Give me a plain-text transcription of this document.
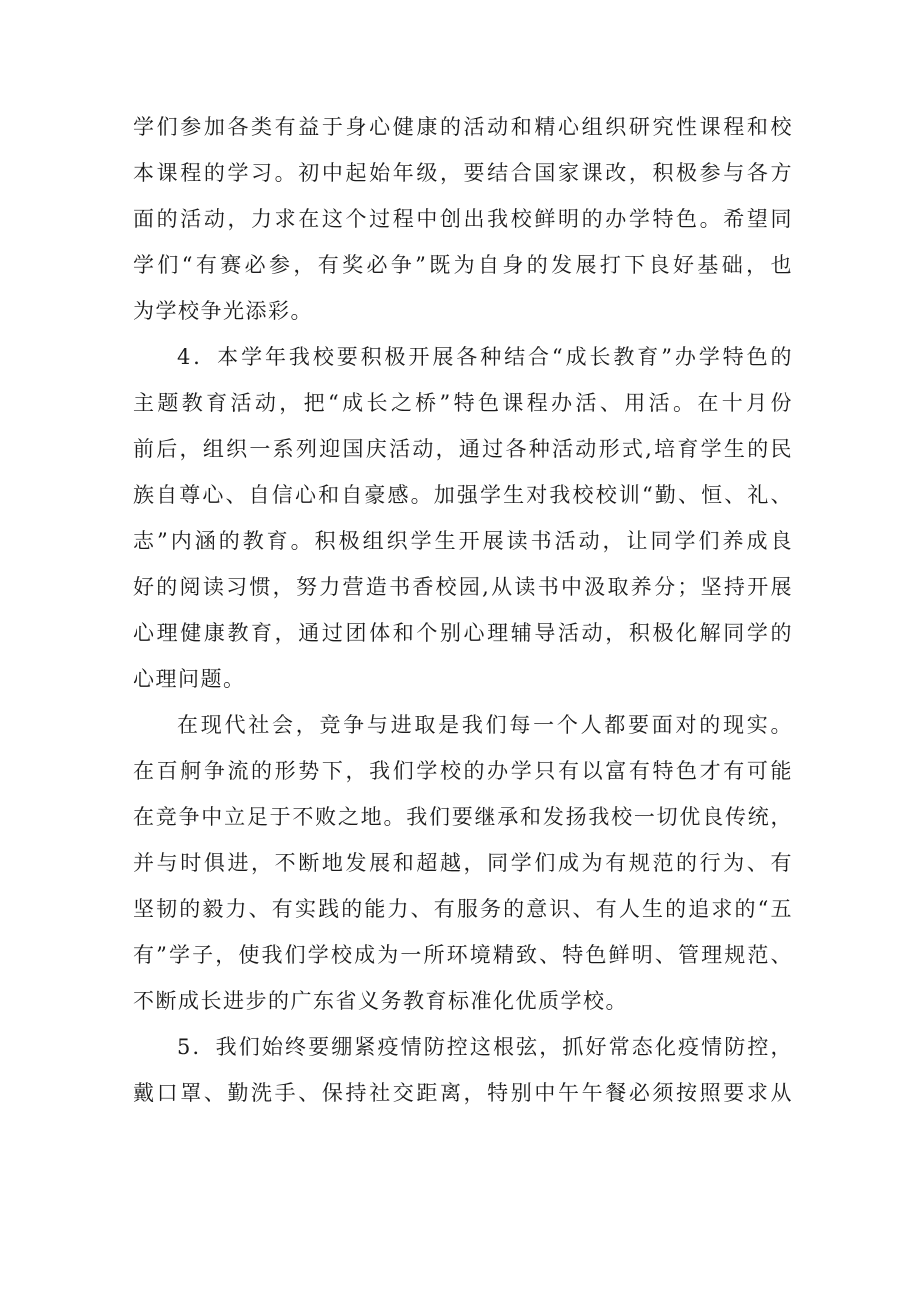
学们参加各类有益于身心健康的活动和精心组织研究性课程和校
本课程的学习。初中起始年级，要结合国家课改，积极参与各方
面的活动，力求在这个过程中创出我校鲜明的办学特色。希望同
学们“有赛必参，有奖必争”既为自身的发展打下良好基础，也
为学校争光添彩。
4．本学年我校要积极开展各种结合“成长教育”办学特色的
主题教育活动，把“成长之桥”特色课程办活、用活。在十月份
前后，组织一系列迎国庆活动，通过各种活动形式,培育学生的民
族自尊心、自信心和自豪感。加强学生对我校校训“勤、恒、礼、
志”内涵的教育。积极组织学生开展读书活动，让同学们养成良
好的阅读习惯，努力营造书香校园,从读书中汲取养分；坚持开展
心理健康教育，通过团体和个别心理辅导活动，积极化解同学的
心理问题。
在现代社会，竞争与进取是我们每一个人都要面对的现实。
在百舸争流的形势下，我们学校的办学只有以富有特色才有可能
在竞争中立足于不败之地。我们要继承和发扬我校一切优良传统，
并与时俱进，不断地发展和超越，同学们成为有规范的行为、有
坚韧的毅力、有实践的能力、有服务的意识、有人生的追求的“五
有”学子，使我们学校成为一所环境精致、特色鲜明、管理规范、
不断成长进步的广东省义务教育标准化优质学校。
5．我们始终要绷紧疫情防控这根弦，抓好常态化疫情防控，
戴口罩、勤洗手、保持社交距离，特别中午午餐必须按照要求从
